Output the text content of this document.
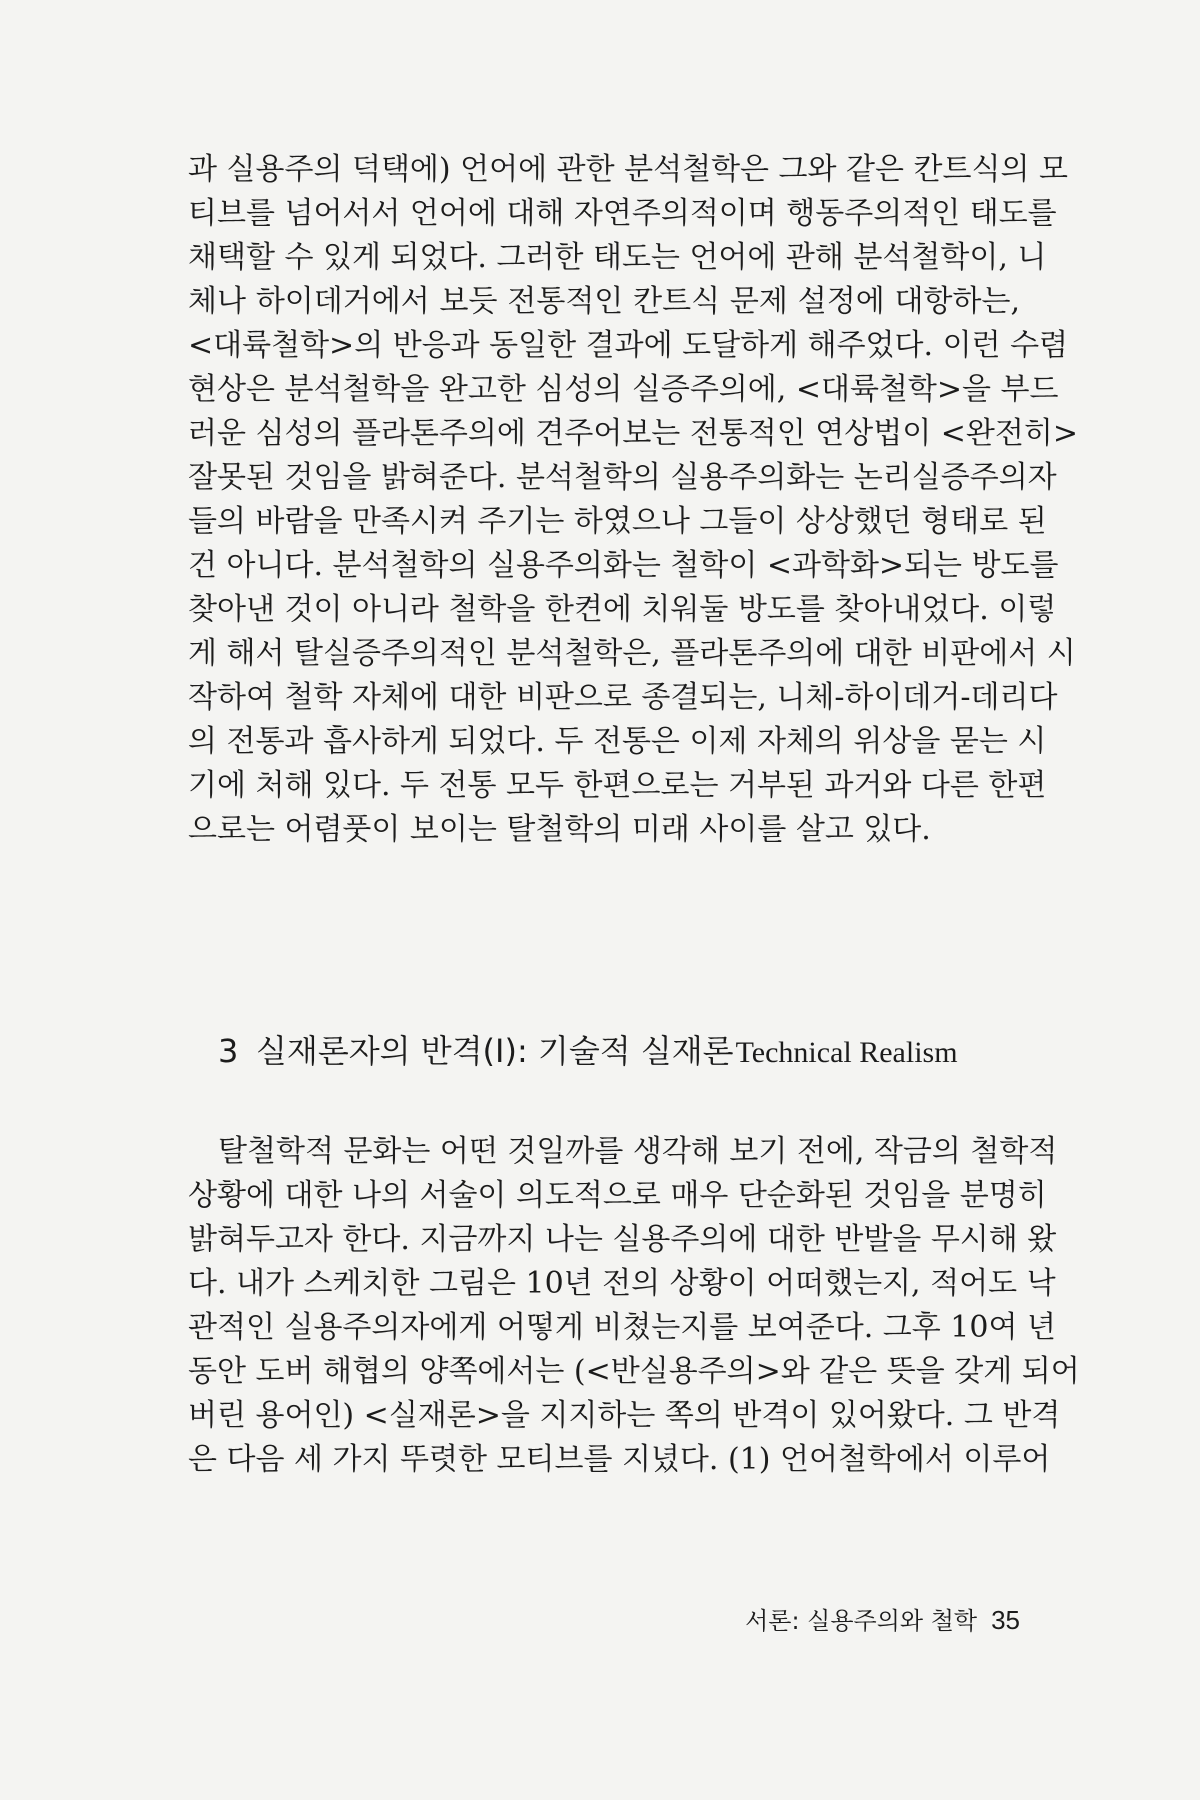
과 실용주의 덕택에) 언어에 관한 분석철학은 그와 같은 칸트식의 모
티브를 넘어서서 언어에 대해 자연주의적이며 행동주의적인 태도를
채택할 수 있게 되었다. 그러한 태도는 언어에 관해 분석철학이, 니
체나 하이데거에서 보듯 전통적인 칸트식 문제 설정에 대항하는,
<대륙철학>의 반응과 동일한 결과에 도달하게 해주었다. 이런 수렴
현상은 분석철학을 완고한 심성의 실증주의에, <대륙철학>을 부드
러운 심성의 플라톤주의에 견주어보는 전통적인 연상법이 <완전히>
잘못된 것임을 밝혀준다. 분석철학의 실용주의화는 논리실증주의자
들의 바람을 만족시켜 주기는 하였으나 그들이 상상했던 형태로 된
건 아니다. 분석철학의 실용주의화는 철학이 <과학화>되는 방도를
찾아낸 것이 아니라 철학을 한켠에 치워둘 방도를 찾아내었다. 이렇
게 해서 탈실증주의적인 분석철학은, 플라톤주의에 대한 비판에서 시
작하여 철학 자체에 대한 비판으로 종결되는, 니체-하이데거-데리다
의 전통과 흡사하게 되었다. 두 전통은 이제 자체의 위상을 묻는 시
기에 처해 있다. 두 전통 모두 한편으로는 거부된 과거와 다른 한편
으로는 어렴풋이 보이는 탈철학의 미래 사이를 살고 있다.
3 실재론자의 반격(I): 기술적 실재론Technical Realism
탈철학적 문화는 어떤 것일까를 생각해 보기 전에, 작금의 철학적
상황에 대한 나의 서술이 의도적으로 매우 단순화된 것임을 분명히
밝혀두고자 한다. 지금까지 나는 실용주의에 대한 반발을 무시해 왔
다. 내가 스케치한 그림은 10년 전의 상황이 어떠했는지, 적어도 낙
관적인 실용주의자에게 어떻게 비쳤는지를 보여준다. 그후 10여 년
동안 도버 해협의 양쪽에서는 (<반실용주의>와 같은 뜻을 갖게 되어
버린 용어인) <실재론>을 지지하는 쪽의 반격이 있어왔다. 그 반격
은 다음 세 가지 뚜렷한 모티브를 지녔다. (1) 언어철학에서 이루어
서론: 실용주의와 철학 35
